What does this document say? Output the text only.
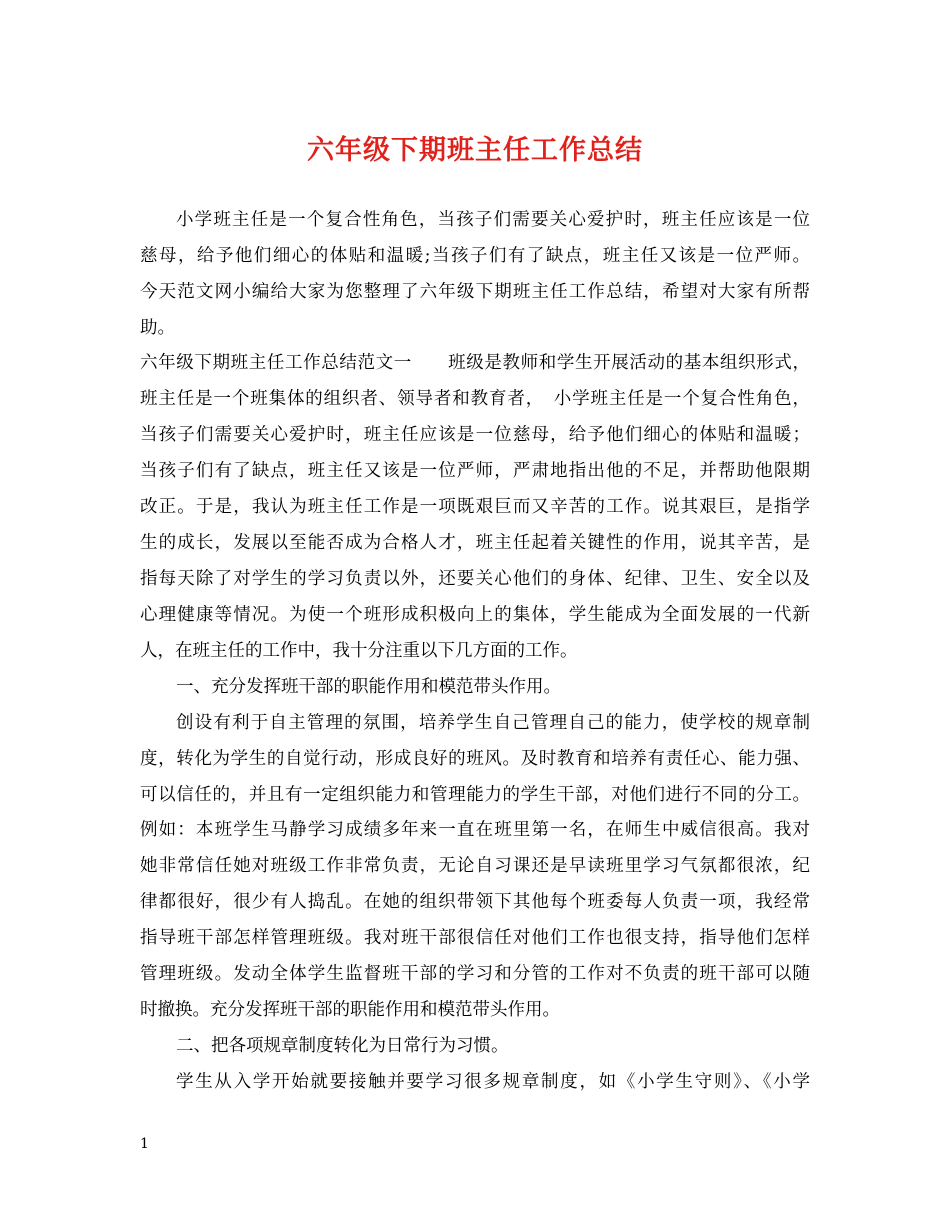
六年级下期班主任工作总结
小学班主任是一个复合性角色，当孩子们需要关心爱护时，班主任应该是一位
慈母，给予他们细心的体贴和温暖;当孩子们有了缺点，班主任又该是一位严师。
今天范文网小编给大家为您整理了六年级下期班主任工作总结，希望对大家有所帮
助。
六年级下期班主任工作总结范文一　　班级是教师和学生开展活动的基本组织形式，
班主任是一个班集体的组织者、领导者和教育者，　小学班主任是一个复合性角色，
当孩子们需要关心爱护时，班主任应该是一位慈母，给予他们细心的体贴和温暖；
当孩子们有了缺点，班主任又该是一位严师，严肃地指出他的不足，并帮助他限期
改正。于是，我认为班主任工作是一项既艰巨而又辛苦的工作。说其艰巨，是指学
生的成长，发展以至能否成为合格人才，班主任起着关键性的作用，说其辛苦，是
指每天除了对学生的学习负责以外，还要关心他们的身体、纪律、卫生、安全以及
心理健康等情况。为使一个班形成积极向上的集体，学生能成为全面发展的一代新
人，在班主任的工作中，我十分注重以下几方面的工作。
一、充分发挥班干部的职能作用和模范带头作用。
创设有利于自主管理的氛围，培养学生自己管理自己的能力，使学校的规章制
度，转化为学生的自觉行动，形成良好的班风。及时教育和培养有责任心、能力强、
可以信任的，并且有一定组织能力和管理能力的学生干部，对他们进行不同的分工。
例如：本班学生马静学习成绩多年来一直在班里第一名，在师生中威信很高。我对
她非常信任她对班级工作非常负责，无论自习课还是早读班里学习气氛都很浓，纪
律都很好，很少有人捣乱。在她的组织带领下其他每个班委每人负责一项，我经常
指导班干部怎样管理班级。我对班干部很信任对他们工作也很支持，指导他们怎样
管理班级。发动全体学生监督班干部的学习和分管的工作对不负责的班干部可以随
时撤换。充分发挥班干部的职能作用和模范带头作用。
二、把各项规章制度转化为日常行为习惯。
学生从入学开始就要接触并要学习很多规章制度，如《小学生守则》、《小学
1
